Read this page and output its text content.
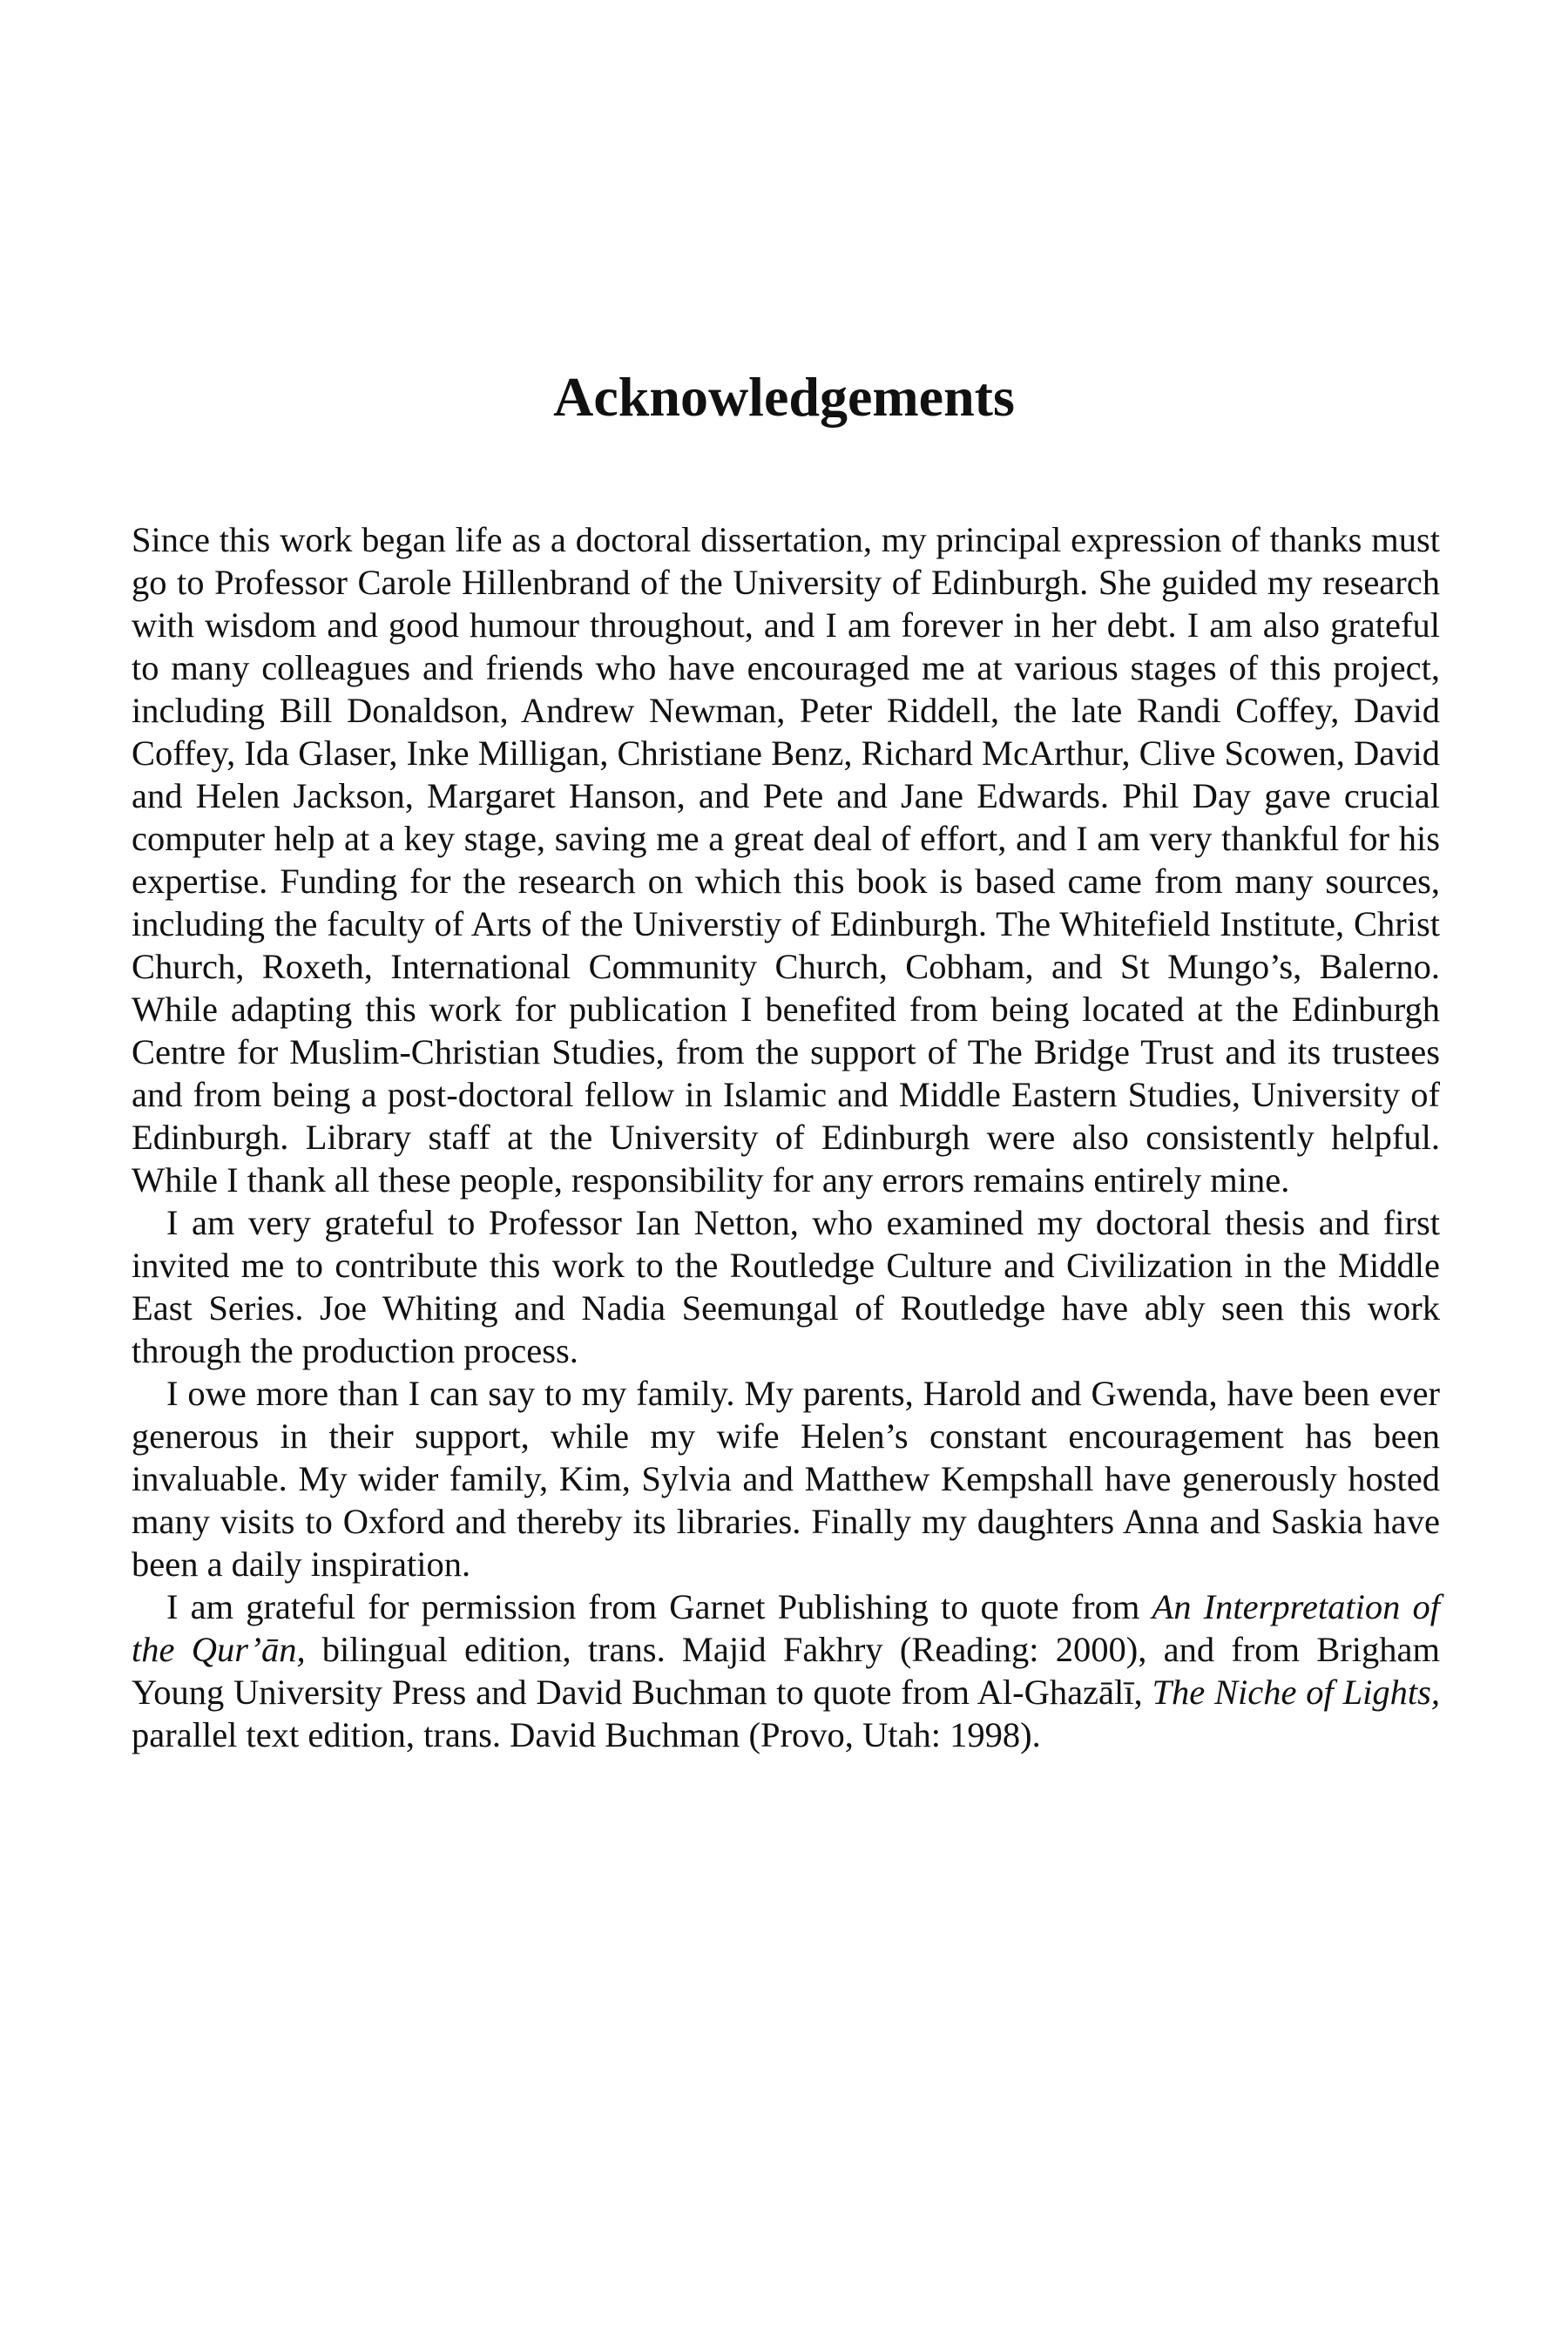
Acknowledgements

Since this work began life as a doctoral dissertation, my principal expression of thanks must go to Professor Carole Hillenbrand of the University of Edinburgh. She guided my research with wisdom and good humour throughout, and I am forever in her debt. I am also grateful to many colleagues and friends who have encouraged me at various stages of this project, including Bill Donaldson, Andrew Newman, Peter Riddell, the late Randi Coffey, David Coffey, Ida Glaser, Inke Milligan, Christiane Benz, Richard McArthur, Clive Scowen, David and Helen Jackson, Margaret Hanson, and Pete and Jane Edwards. Phil Day gave crucial computer help at a key stage, saving me a great deal of effort, and I am very thankful for his expertise. Funding for the research on which this book is based came from many sources, including the faculty of Arts of the Universtiy of Edinburgh. The Whitefield Institute, Christ Church, Roxeth, International Community Church, Cobham, and St Mungo’s, Balerno. While adapting this work for publication I benefited from being located at the Edinburgh Centre for Muslim-Christian Studies, from the support of The Bridge Trust and its trustees and from being a post-doctoral fellow in Islamic and Middle Eastern Studies, University of Edinburgh. Library staff at the University of Edinburgh were also consistently helpful. While I thank all these people, responsibility for any errors remains entirely mine.

I am very grateful to Professor Ian Netton, who examined my doctoral thesis and first invited me to contribute this work to the Routledge Culture and Civilization in the Middle East Series. Joe Whiting and Nadia Seemungal of Routledge have ably seen this work through the production process.

I owe more than I can say to my family. My parents, Harold and Gwenda, have been ever generous in their support, while my wife Helen’s constant encouragement has been invaluable. My wider family, Kim, Sylvia and Matthew Kempshall have generously hosted many visits to Oxford and thereby its libraries. Finally my daughters Anna and Saskia have been a daily inspiration.

I am grateful for permission from Garnet Publishing to quote from An Interpretation of the Qur’ān, bilingual edition, trans. Majid Fakhry (Reading: 2000), and from Brigham Young University Press and David Buchman to quote from Al-Ghazālī, The Niche of Lights, parallel text edition, trans. David Buchman (Provo, Utah: 1998).
